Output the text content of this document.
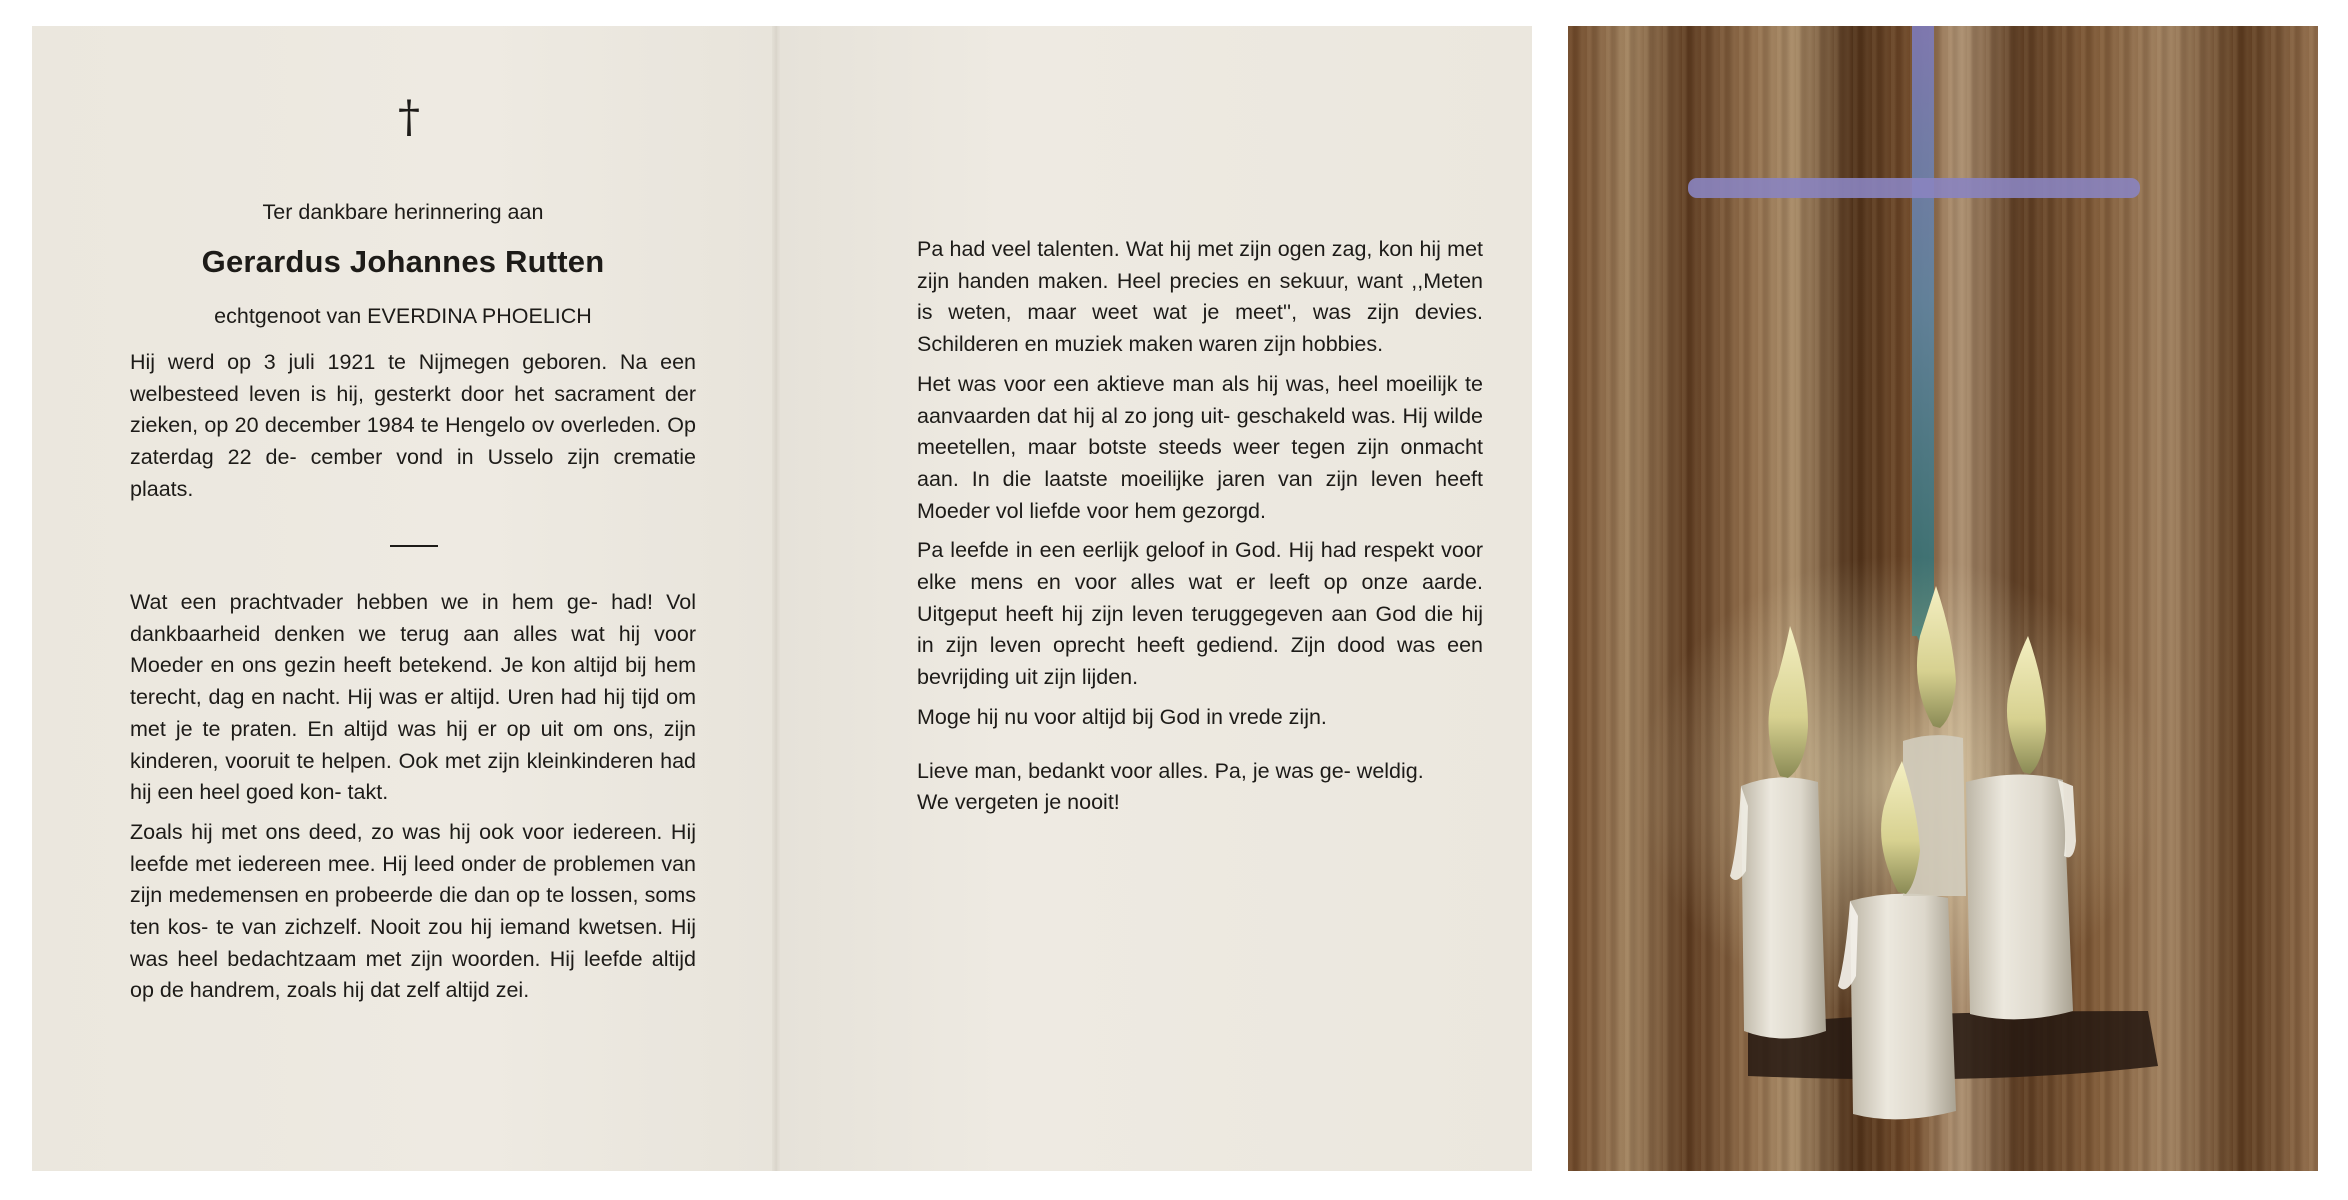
†
Ter dankbare herinnering aan
Gerardus Johannes Rutten
echtgenoot van EVERDINA PHOELICH

Hij werd op 3 juli 1921 te Nijmegen geboren. Na een welbesteed leven is hij, gesterkt door het sacrament der zieken, op 20 december 1984 te Hengelo ov overleden. Op zaterdag 22 de- cember vond in Usselo zijn crematie plaats.

Wat een prachtvader hebben we in hem ge- had! Vol dankbaarheid denken we terug aan alles wat hij voor Moeder en ons gezin heeft betekend. Je kon altijd bij hem terecht, dag en nacht. Hij was er altijd. Uren had hij tijd om met je te praten. En altijd was hij er op uit om ons, zijn kinderen, vooruit te helpen. Ook met zijn kleinkinderen had hij een heel goed kon- takt.

Zoals hij met ons deed, zo was hij ook voor iedereen. Hij leefde met iedereen mee. Hij leed onder de problemen van zijn medemensen en probeerde die dan op te lossen, soms ten kos- te van zichzelf. Nooit zou hij iemand kwetsen. Hij was heel bedachtzaam met zijn woorden. Hij leefde altijd op de handrem, zoals hij dat zelf altijd zei.

Pa had veel talenten. Wat hij met zijn ogen zag, kon hij met zijn handen maken. Heel precies en sekuur, want ,,Meten is weten, maar weet wat je meet'', was zijn devies. Schilderen en muziek maken waren zijn hobbies.

Het was voor een aktieve man als hij was, heel moeilijk te aanvaarden dat hij al zo jong uit- geschakeld was. Hij wilde meetellen, maar botste steeds weer tegen zijn onmacht aan. In die laatste moeilijke jaren van zijn leven heeft Moeder vol liefde voor hem gezorgd.

Pa leefde in een eerlijk geloof in God. Hij had respekt voor elke mens en voor alles wat er leeft op onze aarde. Uitgeput heeft hij zijn leven teruggegeven aan God die hij in zijn leven oprecht heeft gediend. Zijn dood was een bevrijding uit zijn lijden.

Moge hij nu voor altijd bij God in vrede zijn.

Lieve man, bedankt voor alles. Pa, je was ge- weldig.

We vergeten je nooit!
